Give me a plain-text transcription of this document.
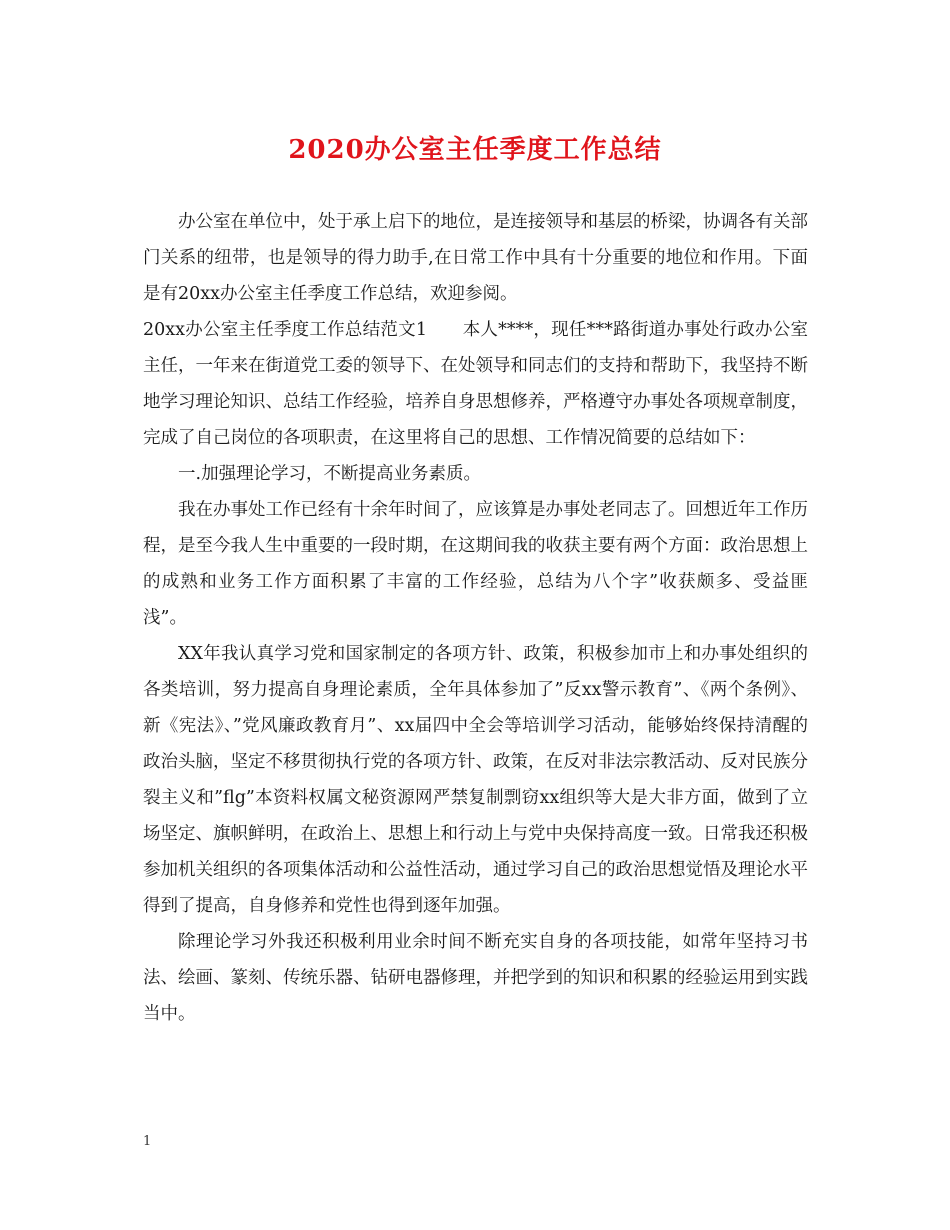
2020办公室主任季度工作总结

办公室在单位中，处于承上启下的地位，是连接领导和基层的桥梁，协调各有关部门关系的纽带，也是领导的得力助手,在日常工作中具有十分重要的地位和作用。下面是有20xx办公室主任季度工作总结，欢迎参阅。

20xx办公室主任季度工作总结范文1　　本人****，现任***路街道办事处行政办公室主任，一年来在街道党工委的领导下、在处领导和同志们的支持和帮助下，我坚持不断地学习理论知识、总结工作经验，培养自身思想修养，严格遵守办事处各项规章制度，完成了自己岗位的各项职责，在这里将自己的思想、工作情况简要的总结如下：

一.加强理论学习，不断提高业务素质。

我在办事处工作已经有十余年时间了，应该算是办事处老同志了。回想近年工作历程，是至今我人生中重要的一段时期，在这期间我的收获主要有两个方面：政治思想上的成熟和业务工作方面积累了丰富的工作经验，总结为八个字”收获颇多、受益匪浅”。

XX年我认真学习党和国家制定的各项方针、政策，积极参加市上和办事处组织的各类培训，努力提高自身理论素质，全年具体参加了”反xx警示教育”、《两个条例》、新《宪法》、”党风廉政教育月”、xx届四中全会等培训学习活动，能够始终保持清醒的政治头脑，坚定不移贯彻执行党的各项方针、政策，在反对非法宗教活动、反对民族分裂主义和”flg”本资料权属文秘资源网严禁复制剽窃xx组织等大是大非方面，做到了立场坚定、旗帜鲜明，在政治上、思想上和行动上与党中央保持高度一致。日常我还积极参加机关组织的各项集体活动和公益性活动，通过学习自己的政治思想觉悟及理论水平得到了提高，自身修养和党性也得到逐年加强。

除理论学习外我还积极利用业余时间不断充实自身的各项技能，如常年坚持习书法、绘画、篆刻、传统乐器、钻研电器修理，并把学到的知识和积累的经验运用到实践当中。

1
